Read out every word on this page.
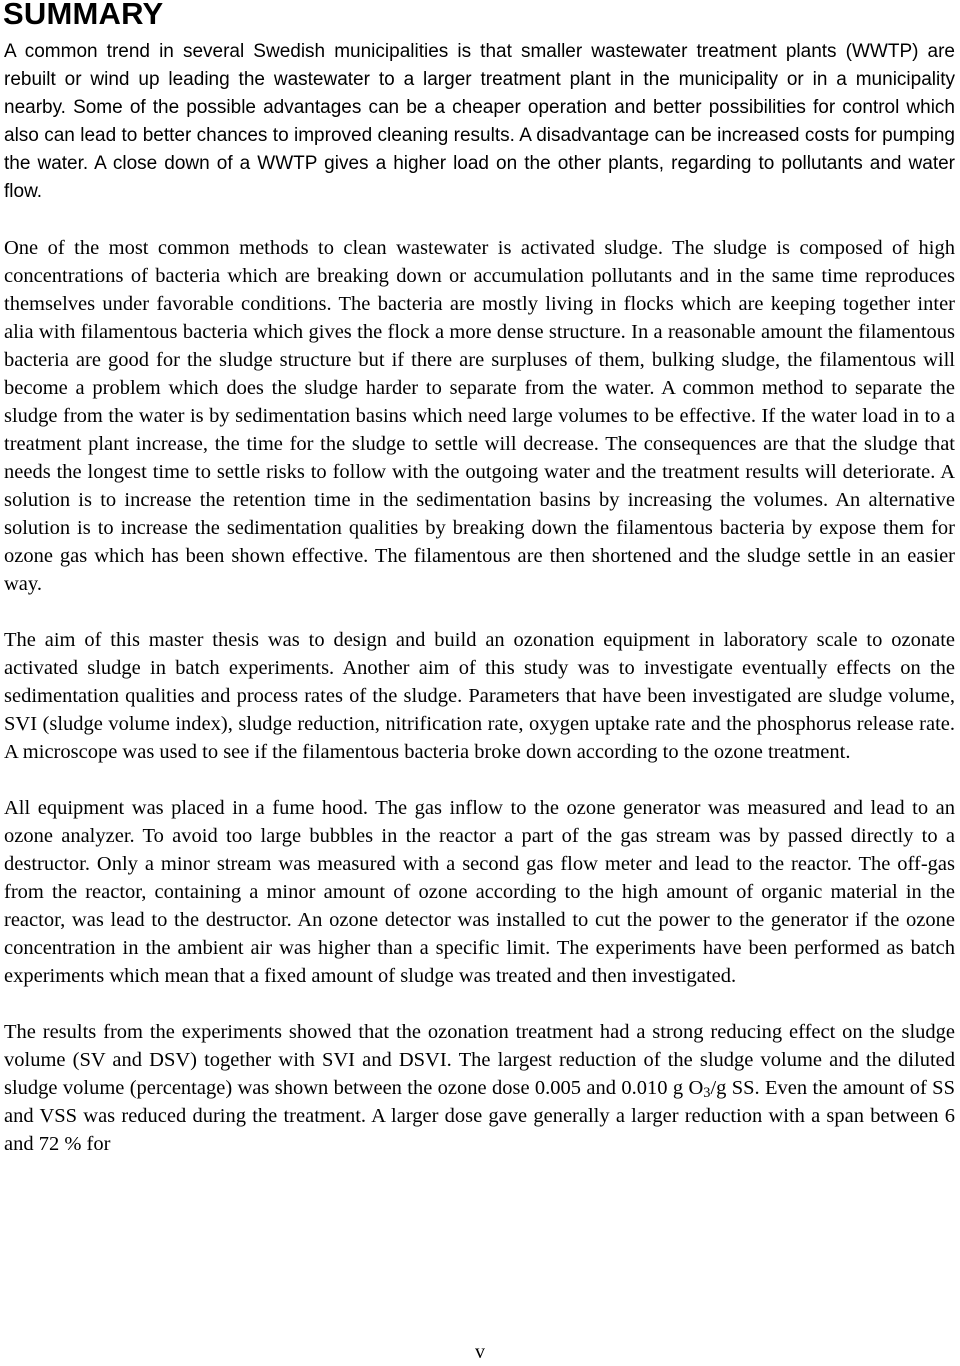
SUMMARY

A common trend in several Swedish municipalities is that smaller wastewater treatment plants (WWTP) are rebuilt or wind up leading the wastewater to a larger treatment plant in the municipality or in a municipality nearby. Some of the possible advantages can be a cheaper operation and better possibilities for control which also can lead to better chances to improved cleaning results. A disadvantage can be increased costs for pumping the water. A close down of a WWTP gives a higher load on the other plants, regarding to pollutants and water flow.

One of the most common methods to clean wastewater is activated sludge. The sludge is composed of high concentrations of bacteria which are breaking down or accumulation pollutants and in the same time reproduces themselves under favorable conditions. The bacteria are mostly living in flocks which are keeping together inter alia with filamentous bacteria which gives the flock a more dense structure. In a reasonable amount the filamentous bacteria are good for the sludge structure but if there are surpluses of them, bulking sludge, the filamentous will become a problem which does the sludge harder to separate from the water. A common method to separate the sludge from the water is by sedimentation basins which need large volumes to be effective. If the water load in to a treatment plant increase, the time for the sludge to settle will decrease. The consequences are that the sludge that needs the longest time to settle risks to follow with the outgoing water and the treatment results will deteriorate. A solution is to increase the retention time in the sedimentation basins by increasing the volumes. An alternative solution is to increase the sedimentation qualities by breaking down the filamentous bacteria by expose them for ozone gas which has been shown effective. The filamentous are then shortened and the sludge settle in an easier way.

The aim of this master thesis was to design and build an ozonation equipment in laboratory scale to ozonate activated sludge in batch experiments. Another aim of this study was to investigate eventually effects on the sedimentation qualities and process rates of the sludge. Parameters that have been investigated are sludge volume, SVI (sludge volume index), sludge reduction, nitrification rate, oxygen uptake rate and the phosphorus release rate. A microscope was used to see if the filamentous bacteria broke down according to the ozone treatment.

All equipment was placed in a fume hood. The gas inflow to the ozone generator was measured and lead to an ozone analyzer. To avoid too large bubbles in the reactor a part of the gas stream was by passed directly to a destructor. Only a minor stream was measured with a second gas flow meter and lead to the reactor. The off-gas from the reactor, containing a minor amount of ozone according to the high amount of organic material in the reactor, was lead to the destructor. An ozone detector was installed to cut the power to the generator if the ozone concentration in the ambient air was higher than a specific limit. The experiments have been performed as batch experiments which mean that a fixed amount of sludge was treated and then investigated.

The results from the experiments showed that the ozonation treatment had a strong reducing effect on the sludge volume (SV and DSV) together with SVI and DSVI. The largest reduction of the sludge volume and the diluted sludge volume (percentage) was shown between the ozone dose 0.005 and 0.010 g $O_3/g$ SS. Even the amount of SS and VSS was reduced during the treatment. A larger dose gave generally a larger reduction with a span between 6 and 72 % for

v
